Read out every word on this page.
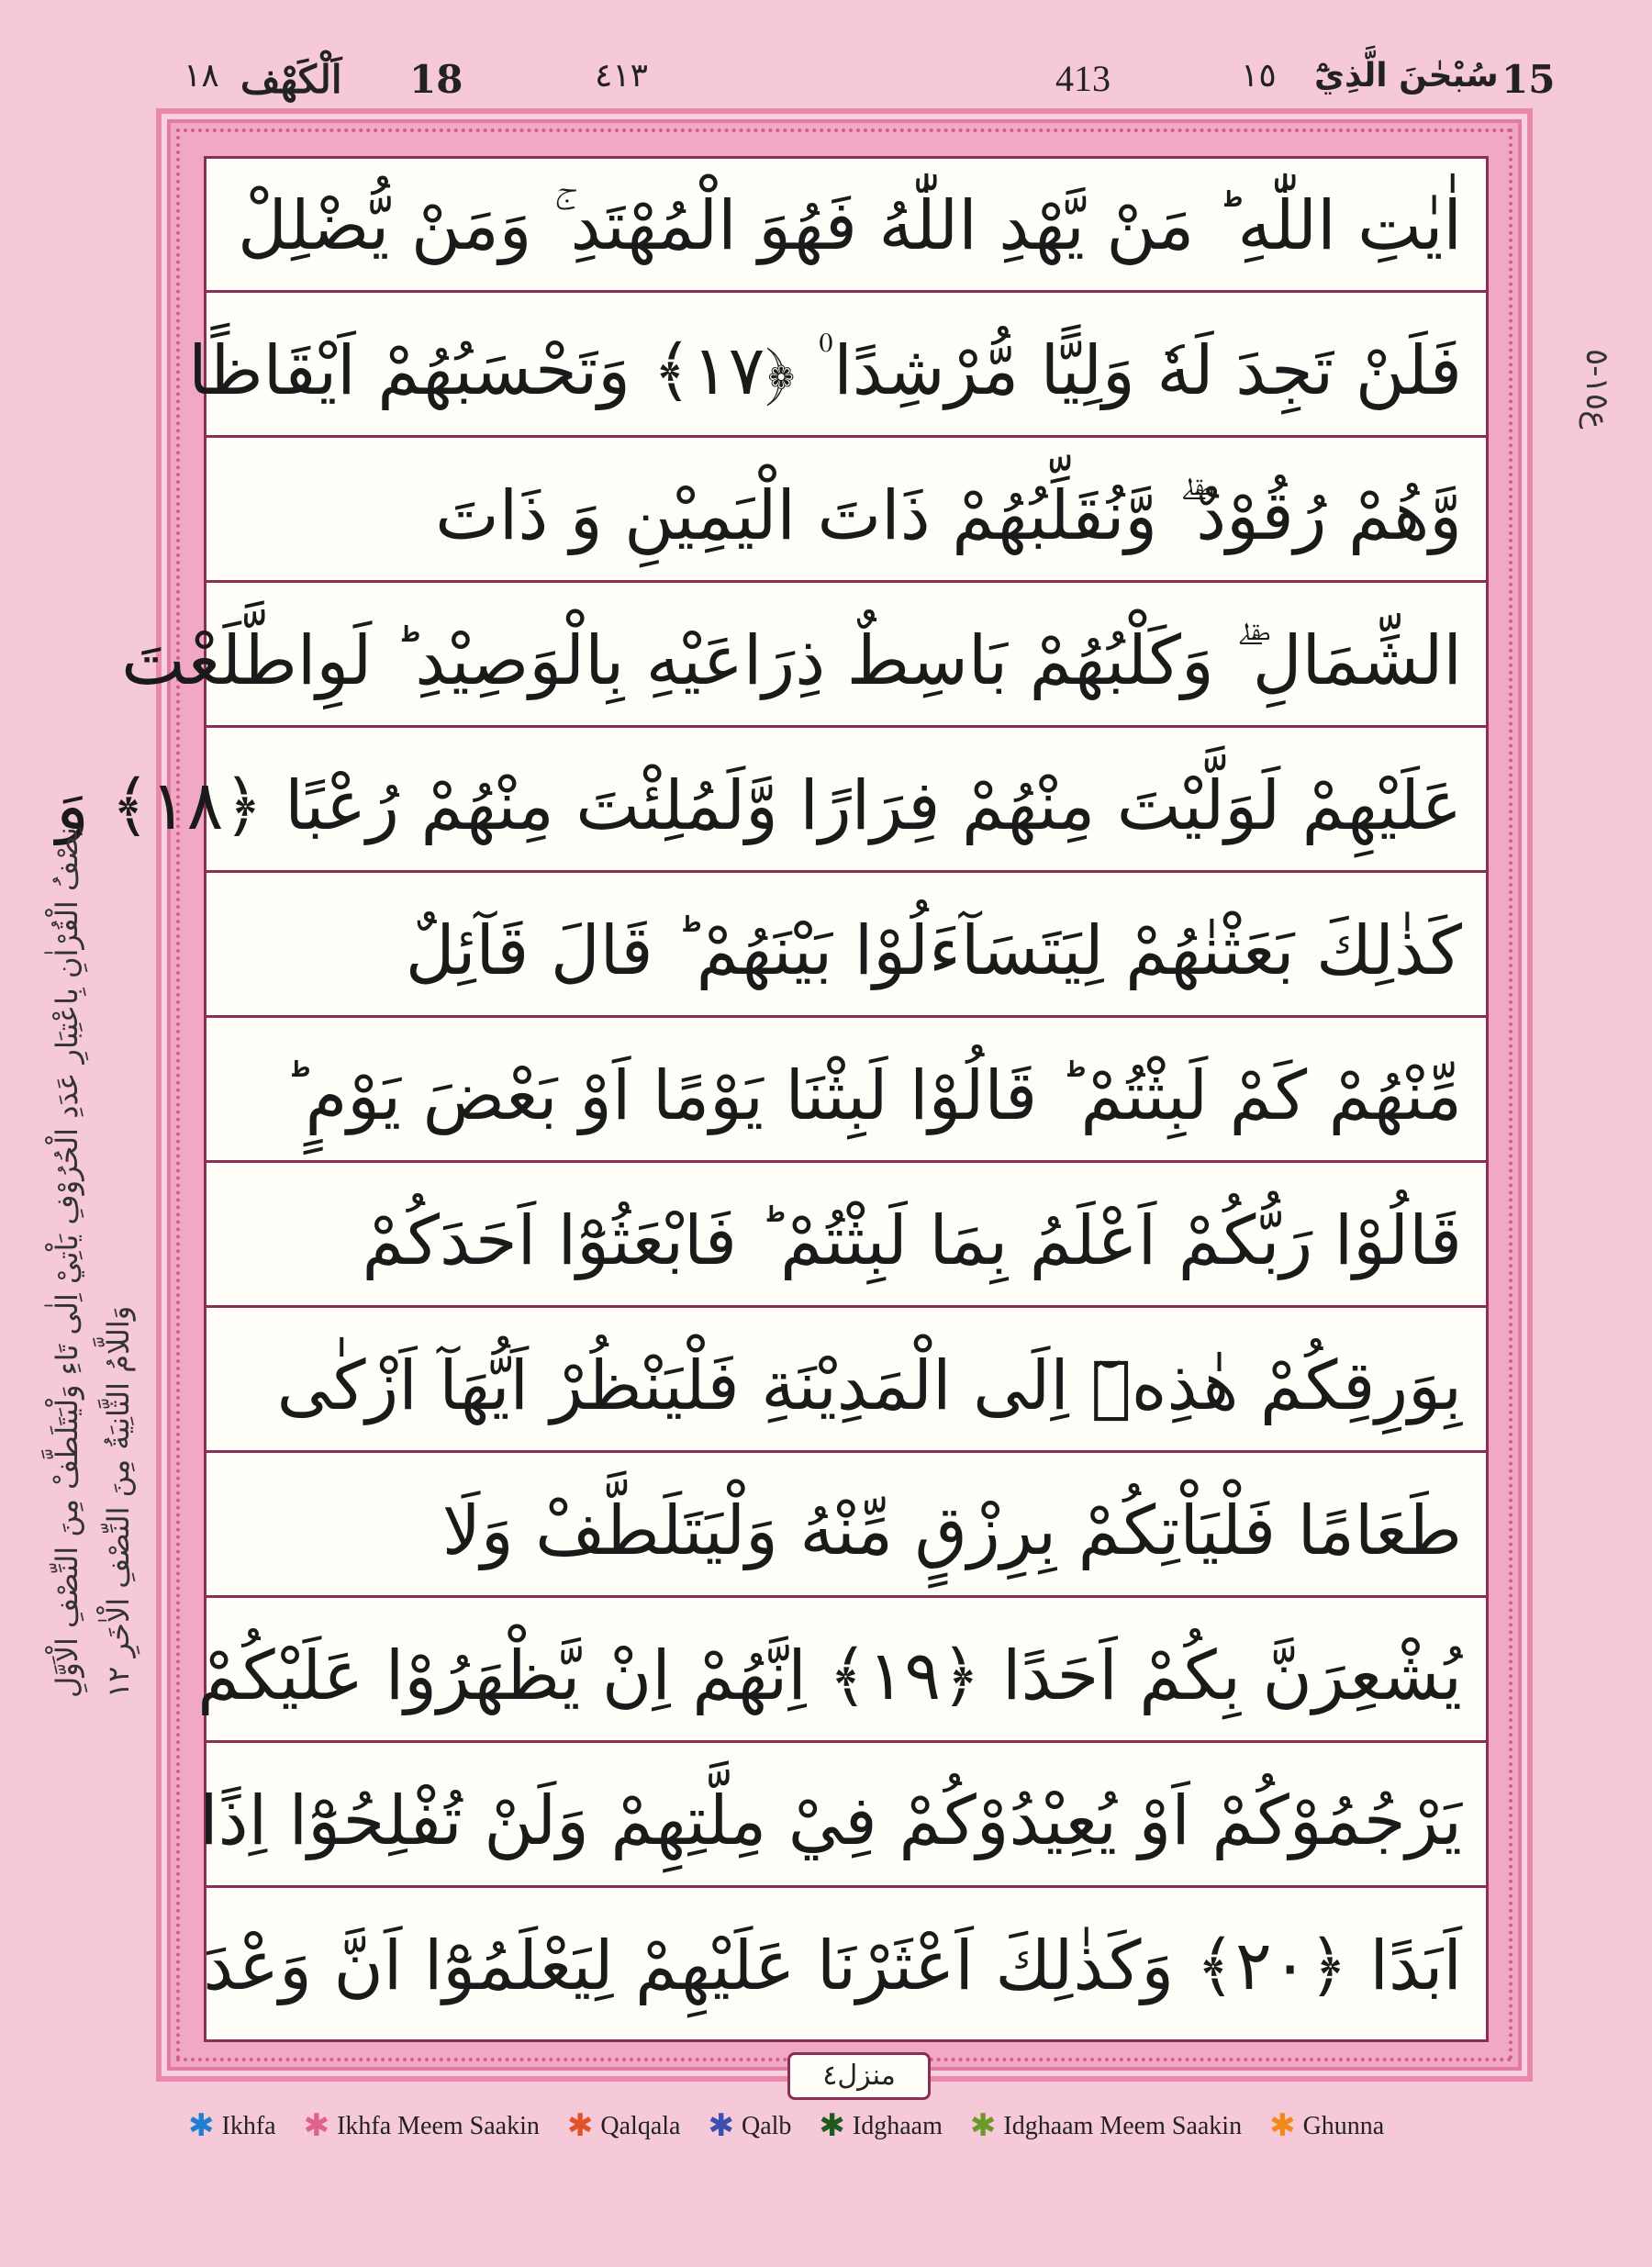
١٨ اَلْكَهْف 18	٤١٣	413	١٥ سُبْحٰنَ الَّذِيْٓ 15
اٰيٰتِ اللّٰهِ ؕ مَنْ يَّهْدِ اللّٰهُ فَهُوَ الْمُهْتَدِ ۚ وَمَنْ يُّضْلِلْ
فَلَنْ تَجِدَ لَهٗ وَلِيًّا مُّرْشِدًا ۠ ﴿١٧﴾ وَتَحْسَبُهُمْ اَيْقَاظًا
وَّهُمْ رُقُوْدٌ ۖۗ وَّنُقَلِّبُهُمْ ذَاتَ الْيَمِيْنِ وَ ذَاتَ
الشِّمَالِ ۖۗ وَكَلْبُهُمْ بَاسِطٌ ذِرَاعَيْهِ بِالْوَصِيْدِ ؕ لَوِاطَّلَعْتَ
عَلَيْهِمْ لَوَلَّيْتَ مِنْهُمْ فِرَارًا وَّلَمُلِئْتَ مِنْهُمْ رُعْبًا ﴿١٨﴾ وَ
كَذٰلِكَ بَعَثْنٰهُمْ لِيَتَسَآءَلُوْا بَيْنَهُمْ ؕ قَالَ قَآئِلٌ
مِّنْهُمْ كَمْ لَبِثْتُمْ ؕ قَالُوْا لَبِثْنَا يَوْمًا اَوْ بَعْضَ يَوْمٍ ؕ
قَالُوْا رَبُّكُمْ اَعْلَمُ بِمَا لَبِثْتُمْ ؕ فَابْعَثُوْٓا اَحَدَكُمْ
بِوَرِقِكُمْ هٰذِهٖٓ اِلَى الْمَدِيْنَةِ فَلْيَنْظُرْ اَيُّهَآ اَزْكٰى
طَعَامًا فَلْيَاْتِكُمْ بِرِزْقٍ مِّنْهُ وَلْيَتَلَطَّفْ وَلَا
يُشْعِرَنَّ بِكُمْ اَحَدًا ﴿١٩﴾ اِنَّهُمْ اِنْ يَّظْهَرُوْا عَلَيْكُمْ
يَرْجُمُوْكُمْ اَوْ يُعِيْدُوْكُمْ فِيْ مِلَّتِهِمْ وَلَنْ تُفْلِحُوْٓا اِذًا
اَبَدًا ﴿٢٠﴾ وَكَذٰلِكَ اَعْثَرْنَا عَلَيْهِمْ لِيَعْلَمُوْٓا اَنَّ وَعْدَ
ع١٥-٥
نِصْفُ الْقُرْاٰنِ بِاعْتِبَارِ عَدَدِ الْحُرُوْفِ يَاْتِيْ اِلٰى تَاءِ وَلْيَتَلَطَّفْ مِنَ النِّصْفِ الْاَوَّلِ وَاللَّامُ الثَّانِيَةُ مِنَ النِّصْفِ الْاٰخَرِ ١٢
منزل٤
✱ Ikhfa ✱ Ikhfa Meem Saakin ✱ Qalqala ✱ Qalb ✱ Idghaam ✱ Idghaam Meem Saakin ✱ Ghunna
